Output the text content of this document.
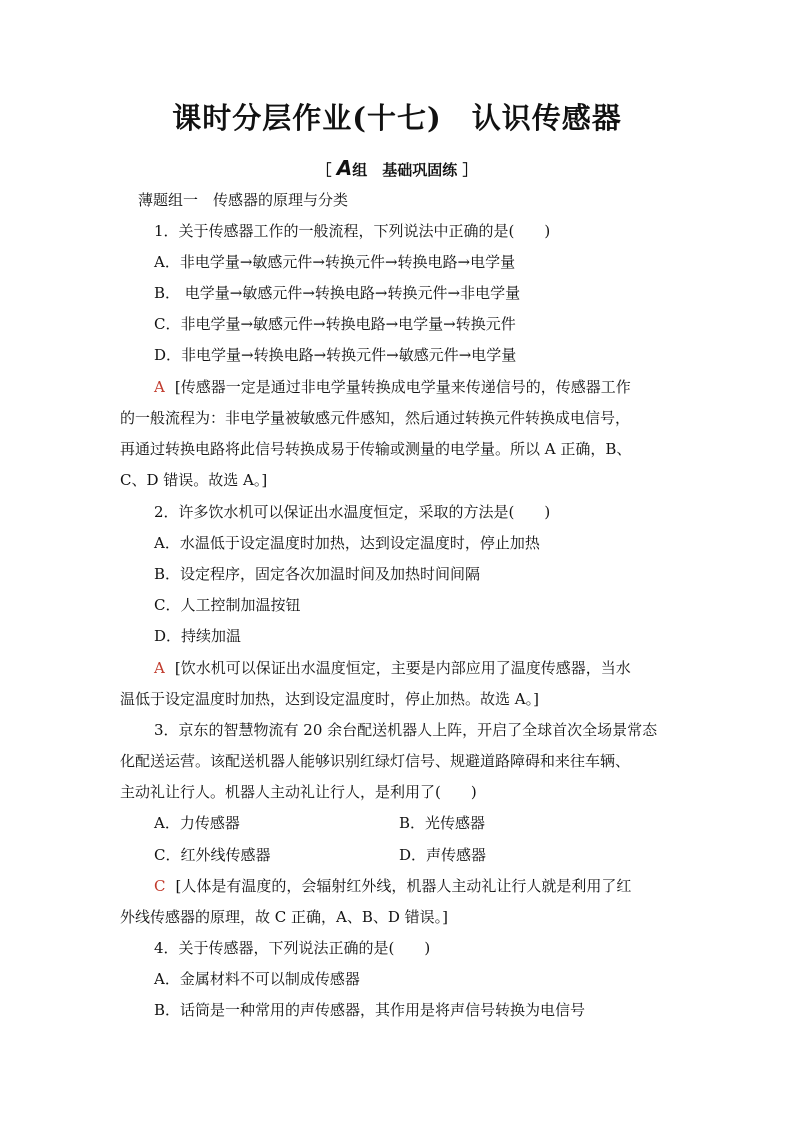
课时分层作业(十七) 认识传感器
［ A组　基础巩固练 ］
薄题组一　传感器的原理与分类
1．关于传感器工作的一般流程，下列说法中正确的是(　　)
A．非电学量→敏感元件→转换元件→转换电路→电学量
B． 电学量→敏感元件→转换电路→转换元件→非电学量
C．非电学量→敏感元件→转换电路→电学量→转换元件
D．非电学量→转换电路→转换元件→敏感元件→电学量
A [传感器一定是通过非电学量转换成电学量来传递信号的，传感器工作
的一般流程为：非电学量被敏感元件感知，然后通过转换元件转换成电信号，
再通过转换电路将此信号转换成易于传输或测量的电学量。所以 A 正确，B、
C、D 错误。故选 A。]
2．许多饮水机可以保证出水温度恒定，采取的方法是(　　)
A．水温低于设定温度时加热，达到设定温度时，停止加热
B．设定程序，固定各次加温时间及加热时间间隔
C．人工控制加温按钮
D．持续加温
A [饮水机可以保证出水温度恒定，主要是内部应用了温度传感器，当水
温低于设定温度时加热，达到设定温度时，停止加热。故选 A。]
3．京东的智慧物流有 20 余台配送机器人上阵，开启了全球首次全场景常态
化配送运营。该配送机器人能够识别红绿灯信号、规避道路障碍和来往车辆、
主动礼让行人。机器人主动礼让行人，是利用了(　　)
A．力传感器	B．光传感器
C．红外线传感器	D．声传感器
C [人体是有温度的，会辐射红外线，机器人主动礼让行人就是利用了红
外线传感器的原理，故 C 正确，A、B、D 错误。]
4．关于传感器，下列说法正确的是(　　)
A．金属材料不可以制成传感器
B．话筒是一种常用的声传感器，其作用是将声信号转换为电信号
